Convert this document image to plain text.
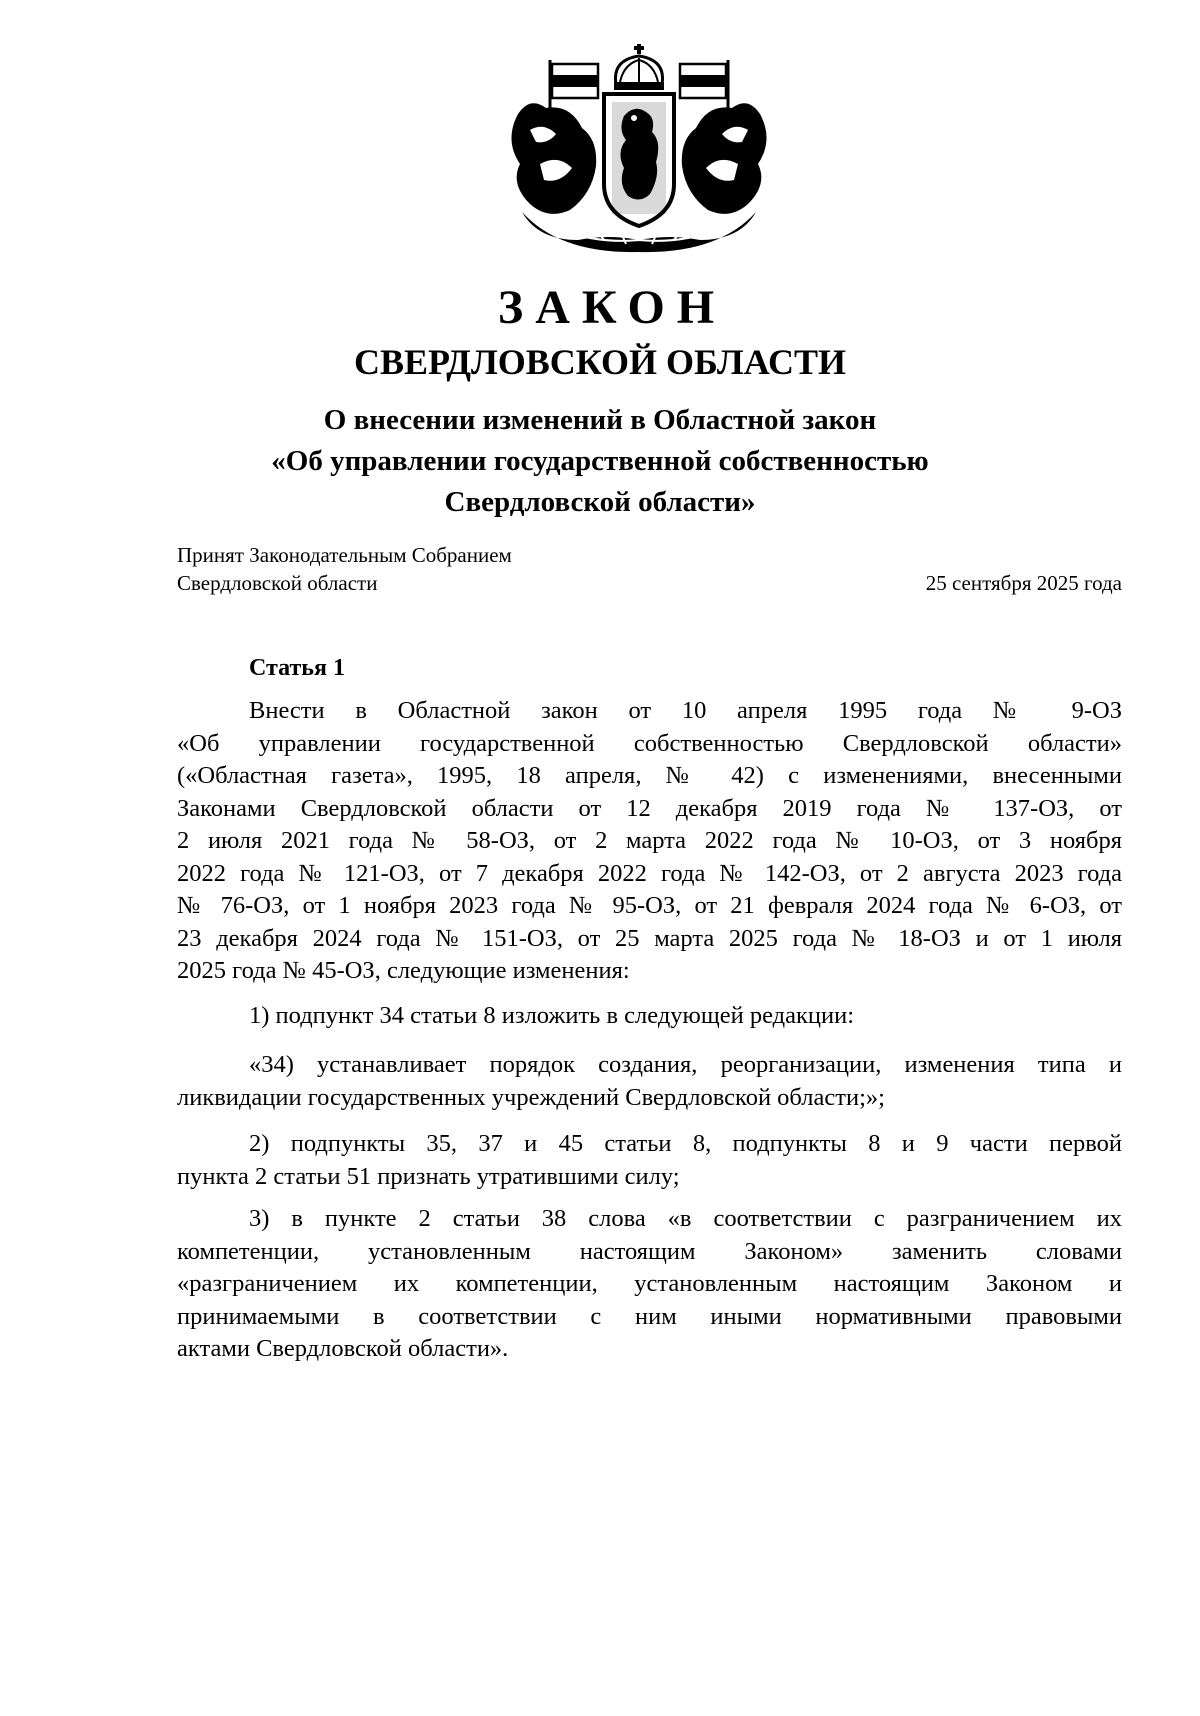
ЗАКОН
СВЕРДЛОВСКОЙ ОБЛАСТИ
О внесении изменений в Областной закон
«Об управлении государственной собственностью
Свердловской области»
Принят Законодательным Собранием
Свердловской области	25 сентября 2025 года
Статья 1
Внести в Областной закон от 10 апреля 1995 года № 9-ОЗ
«Об управлении государственной собственностью Свердловской области»
(«Областная газета», 1995, 18 апреля, № 42) с изменениями, внесенными
Законами Свердловской области от 12 декабря 2019 года № 137-ОЗ, от
2 июля 2021 года № 58-ОЗ, от 2 марта 2022 года № 10-ОЗ, от 3 ноября
2022 года № 121-ОЗ, от 7 декабря 2022 года № 142-ОЗ, от 2 августа 2023 года
№ 76-ОЗ, от 1 ноября 2023 года № 95-ОЗ, от 21 февраля 2024 года № 6-ОЗ, от
23 декабря 2024 года № 151-ОЗ, от 25 марта 2025 года № 18-ОЗ и от 1 июля
2025 года № 45-ОЗ, следующие изменения:
1) подпункт 34 статьи 8 изложить в следующей редакции:
«34) устанавливает порядок создания, реорганизации, изменения типа и
ликвидации государственных учреждений Свердловской области;»;
2) подпункты 35, 37 и 45 статьи 8, подпункты 8 и 9 части первой
пункта 2 статьи 51 признать утратившими силу;
3) в пункте 2 статьи 38 слова «в соответствии с разграничением их
компетенции, установленным настоящим Законом» заменить словами
«разграничением их компетенции, установленным настоящим Законом и
принимаемыми в соответствии с ним иными нормативными правовыми
актами Свердловской области».
